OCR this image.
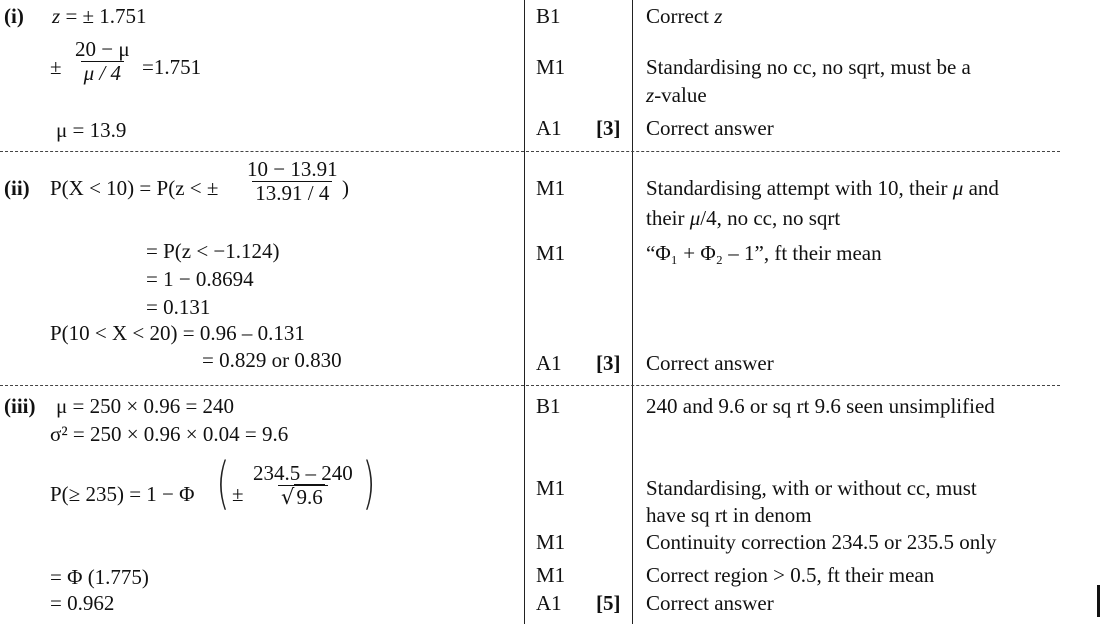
(i) z = ± 1.751
± $\frac{20 - \mu}{\mu / 4} =1.751$
μ = 13.9
B1
M1
A1 [3]
Correct z
Standardising no cc, no sqrt, must be a
z-value
Correct answer
(ii) P(X < 10) = P(z < ± $\frac{10 - 13.91}{13.91 / 4}$ )
= P(z < −1.124)
= 1 − 0.8694
= 0.131
P(10 < X < 20) = 0.96 – 0.131
= 0.829 or 0.830
M1
M1
A1 [3]
Standardising attempt with 10, their μ and
their μ/4, no cc, no sqrt
“Φ₁ + Φ₂ – 1”, ft their mean
Correct answer
(iii) μ = 250 × 0.96 = 240
σ² = 250 × 0.96 × 0.04 = 9.6
P(≥ 235) = 1 − Φ ( ± $\frac{234.5 - 240}{√9.6}$ )
= Φ (1.775)
= 0.962
B1
M1
M1
M1
A1 [5]
240 and 9.6 or sq rt 9.6 seen unsimplified
Standardising, with or without cc, must
have sq rt in denom
Continuity correction 234.5 or 235.5 only
Correct region > 0.5, ft their mean
Correct answer
